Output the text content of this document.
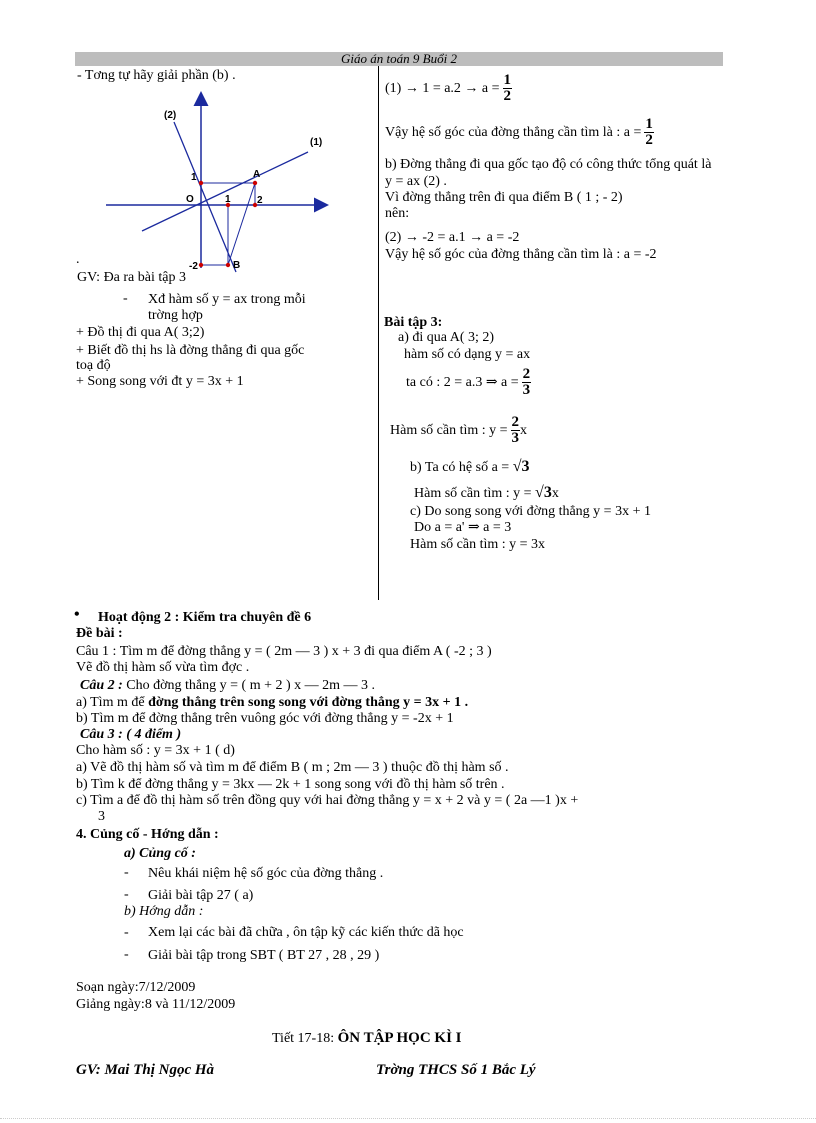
Giáo án toán 9 Buổi 2
- Tơng tự hãy giải phần (b) .
(2)
(1)
O
1	A
1	2
-2	B
.
GV: Đa ra bài tập 3
- Xđ hàm số y = ax trong mỗi
trờng hợp
+ Đồ thị đi qua A( 3;2)
+ Biết đồ thị hs là đờng thẳng đi qua gốc
toạ độ
+ Song song với đt y = 3x + 1
$(1) \to 1 = a.2 \to a = \frac{1}{2}$
Vậy hệ số góc của đờng thẳng cần tìm là : $a = \frac{1}{2}$
b) Đờng thẳng đi qua gốc tạo độ có công thức tổng quát là
y = ax (2) .
Vì đờng thẳng trên đi qua điểm B ( 1 ; - 2)
nên:
(2) → -2 = a.1 → a = -2
Vậy hệ số góc của đờng thẳng cần tìm là : a = -2
Bài tập 3:
a) đi qua A( 3; 2)
hàm số có dạng y = ax
ta có : 2 = a.3 ⇒ $a = \frac{2}{3}$
Hàm số cần tìm : $y = \frac{2}{3}$ x
b) Ta có hệ số a = √3
Hàm số cần tìm : y = √3x
c) Do song song với đờng thẳng y = 3x + 1
Do a = a' ⇒ a = 3
Hàm số cần tìm : y = 3x
• Hoạt động 2 : Kiểm tra chuyên đề 6
Đề bài :
Câu 1 : Tìm m để đờng thẳng y = ( 2m — 3 ) x + 3 đi qua điểm A ( -2 ; 3 )
Vẽ đồ thị hàm số vừa tìm đợc .
Câu 2 : Cho đờng thẳng y = ( m + 2 ) x — 2m — 3 .
a) Tìm m để đờng thẳng trên song song với đờng thẳng y = 3x + 1 .
b) Tìm m để đờng thẳng trên vuông góc với đờng thẳng y = -2x + 1
Câu 3 : ( 4 điểm )
Cho hàm số : y = 3x + 1 ( d)
a) Vẽ đồ thị hàm số và tìm m để điểm B ( m ; 2m — 3 ) thuộc đồ thị hàm số .
b) Tìm k để đờng thẳng y = 3kx — 2k + 1 song song với đồ thị hàm số trên .
c) Tìm a để đồ thị hàm số trên đồng quy với hai đờng thẳng y = x + 2 và y = ( 2a —1 )x +
3
4. Củng cố - Hớng dẫn :
a) Củng cố :
- Nêu khái niệm hệ số góc của đờng thẳng .
- Giải bài tập 27 ( a)
b) Hớng dẫn :
- Xem lại các bài đã chữa , ôn tập kỹ các kiến thức dã học
- Giải bài tập trong SBT ( BT 27 , 28 , 29 )
Soạn ngày:7/12/2009
Giảng ngày:8 và 11/12/2009
Tiết 17-18: ÔN TẬP HỌC KÌ I
GV: Mai Thị Ngọc Hà	Trờng THCS Số 1 Bắc Lý
